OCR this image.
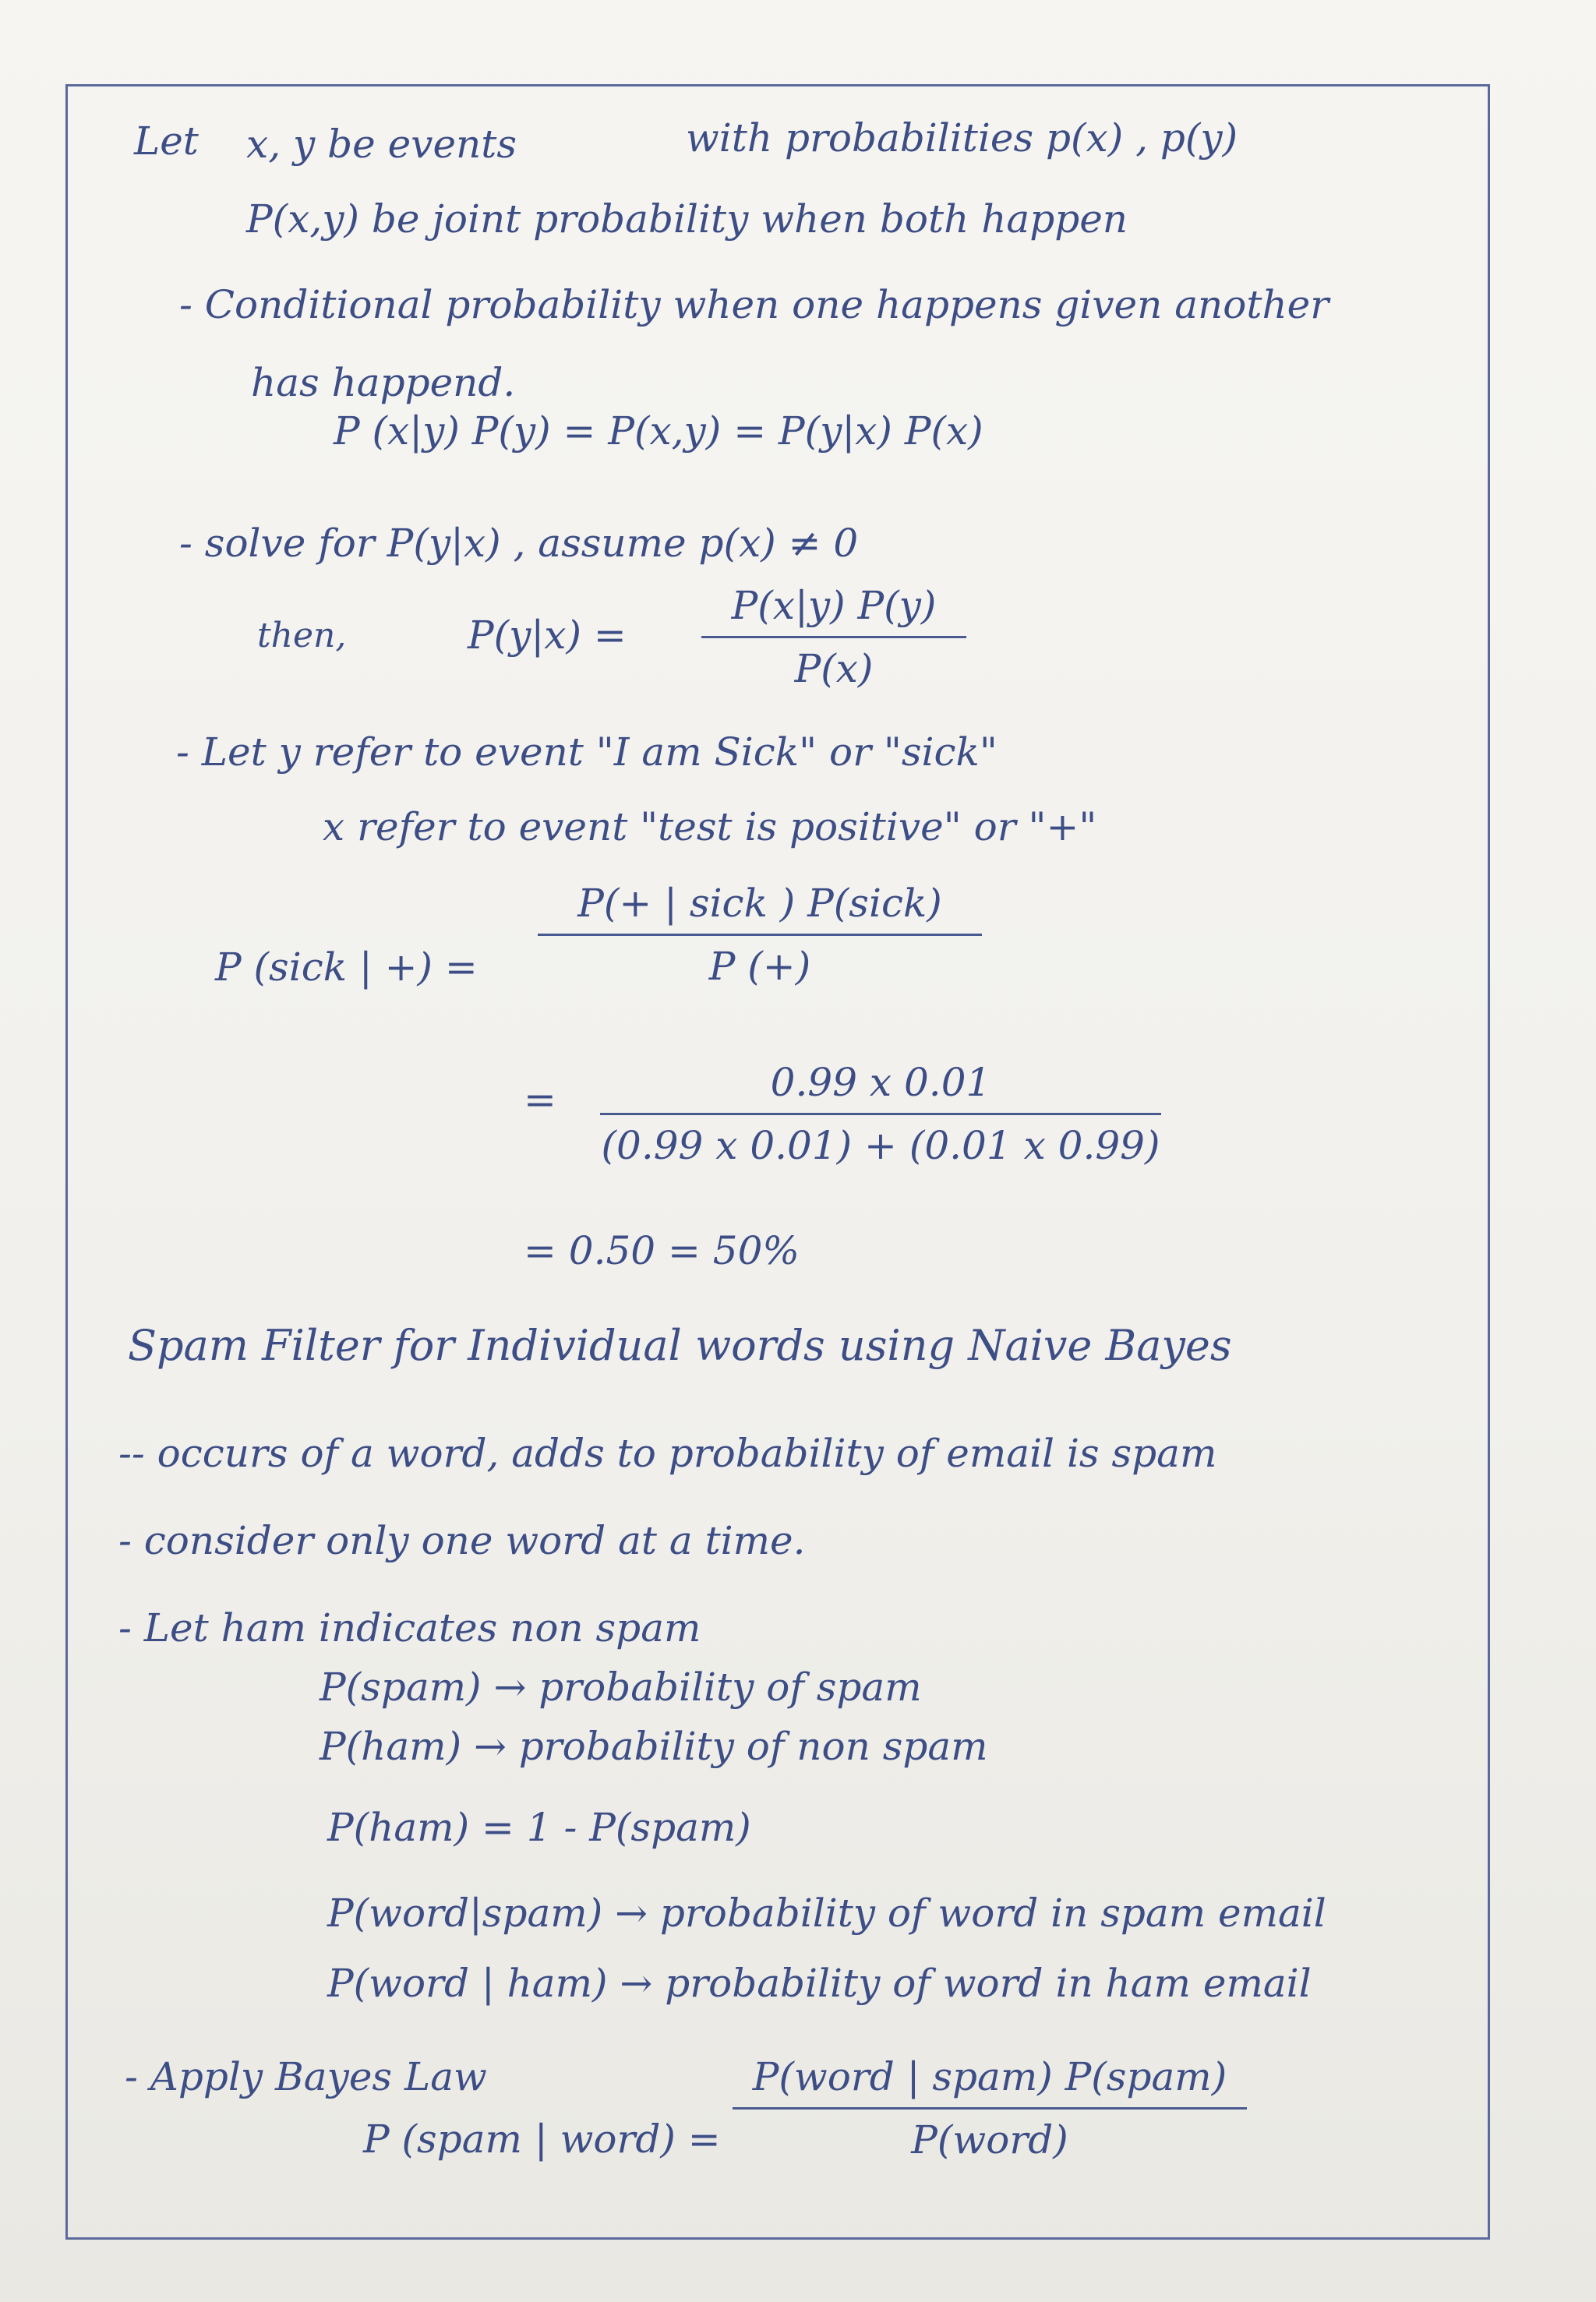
Let x, y be events	with probabilities p(x) , p(y)
P(x,y) be joint probability when both happen
- Conditional probability when one happens given another
has happend.
P (x|y) P(y) = P(x,y) = P(y|x) P(x)
- solve for P(y|x) , assume p(x) ≠ 0
then,	P(y|x) =
P(x|y) P(y)
P(x)
- Let y refer to event "I am Sick" or "sick"
x refer to event "test is positive" or "+"
P (sick | +) =
P(+ | sick ) P(sick)
P (+)
=	0.99 x 0.01
(0.99 x 0.01) + (0.01 x 0.99)
= 0.50 = 50%
Spam Filter for Individual words using Naive Bayes
-- occurs of a word, adds to probability of email is spam
- consider only one word at a time.
- Let ham indicates non spam
P(spam) → probability of spam
P(ham) → probability of non spam
P(ham) = 1 - P(spam)
P(word|spam) → probability of word in spam email
P(word | ham) → probability of word in ham email
- Apply Bayes Law
P (spam | word) =
P(word | spam) P(spam)
P(word)
